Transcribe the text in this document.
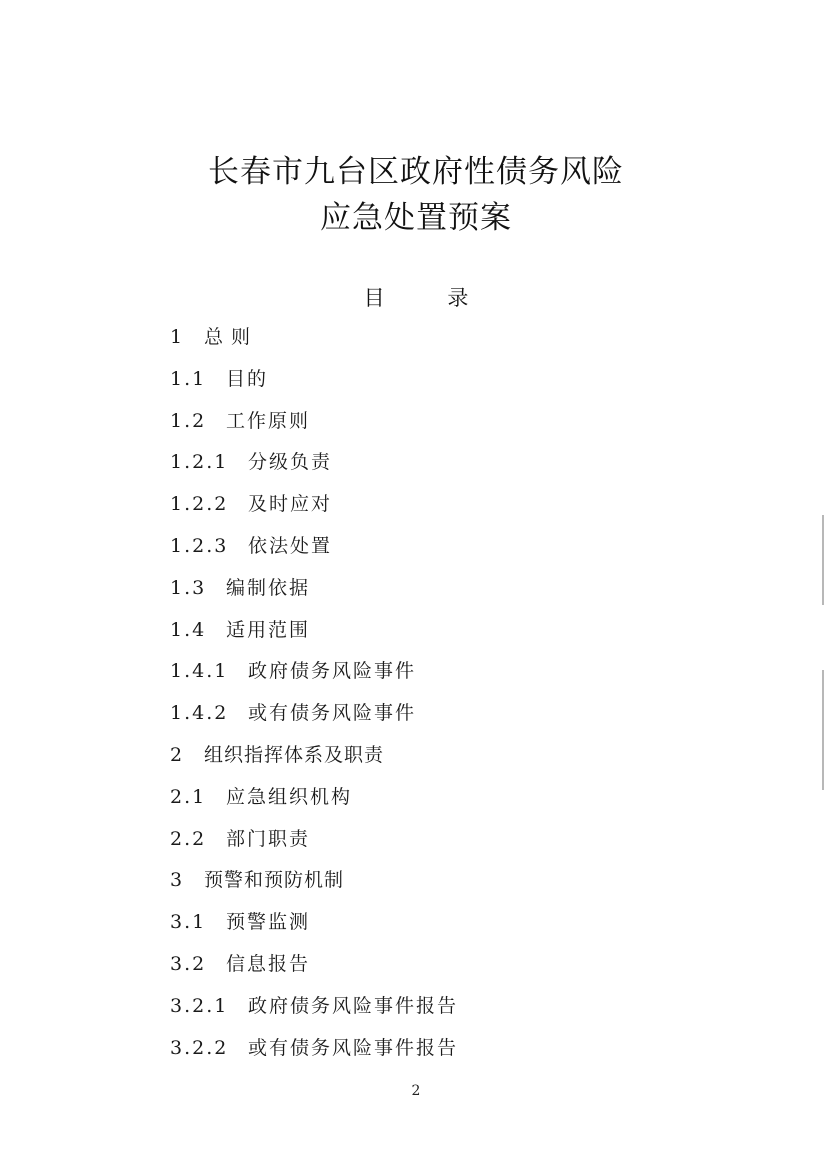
长春市九台区政府性债务风险
应急处置预案
目 录
1 总 则
1.1 目的
1.2 工作原则
1.2.1 分级负责
1.2.2 及时应对
1.2.3 依法处置
1.3 编制依据
1.4 适用范围
1.4.1 政府债务风险事件
1.4.2 或有债务风险事件
2 组织指挥体系及职责
2.1 应急组织机构
2.2 部门职责
3 预警和预防机制
3.1 预警监测
3.2 信息报告
3.2.1 政府债务风险事件报告
3.2.2 或有债务风险事件报告
2
